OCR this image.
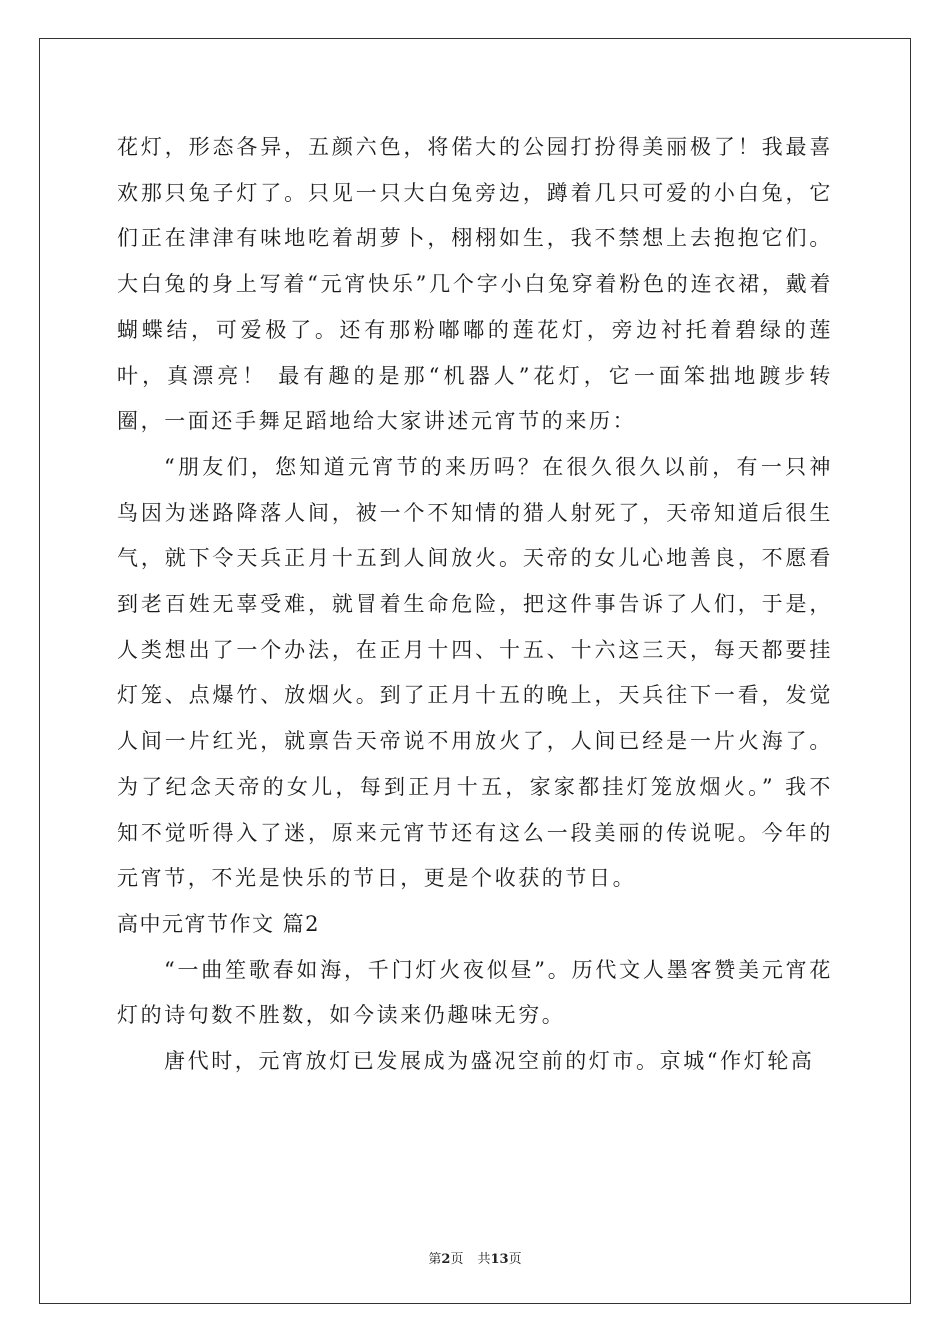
花灯，形态各异，五颜六色，将偌大的公园打扮得美丽极了！我最喜欢那只兔子灯了。只见一只大白兔旁边，蹲着几只可爱的小白兔，它们正在津津有味地吃着胡萝卜，栩栩如生，我不禁想上去抱抱它们。大白兔的身上写着“元宵快乐”几个字小白兔穿着粉色的连衣裙，戴着蝴蝶结，可爱极了。还有那粉嘟嘟的莲花灯，旁边衬托着碧绿的莲叶，真漂亮！ 最有趣的是那“机器人”花灯，它一面笨拙地踱步转圈，一面还手舞足蹈地给大家讲述元宵节的来历：

“朋友们，您知道元宵节的来历吗？在很久很久以前，有一只神鸟因为迷路降落人间，被一个不知情的猎人射死了，天帝知道后很生气，就下令天兵正月十五到人间放火。天帝的女儿心地善良，不愿看到老百姓无辜受难，就冒着生命危险，把这件事告诉了人们，于是，人类想出了一个办法，在正月十四、十五、十六这三天，每天都要挂灯笼、点爆竹、放烟火。到了正月十五的晚上，天兵往下一看，发觉人间一片红光，就禀告天帝说不用放火了，人间已经是一片火海了。为了纪念天帝的女儿，每到正月十五，家家都挂灯笼放烟火。” 我不知不觉听得入了迷，原来元宵节还有这么一段美丽的传说呢。今年的元宵节，不光是快乐的节日，更是个收获的节日。

高中元宵节作文 篇2

“一曲笙歌春如海，千门灯火夜似昼”。历代文人墨客赞美元宵花灯的诗句数不胜数，如今读来仍趣味无穷。

唐代时，元宵放灯已发展成为盛况空前的灯市。京城“作灯轮高

第2页 共13页
